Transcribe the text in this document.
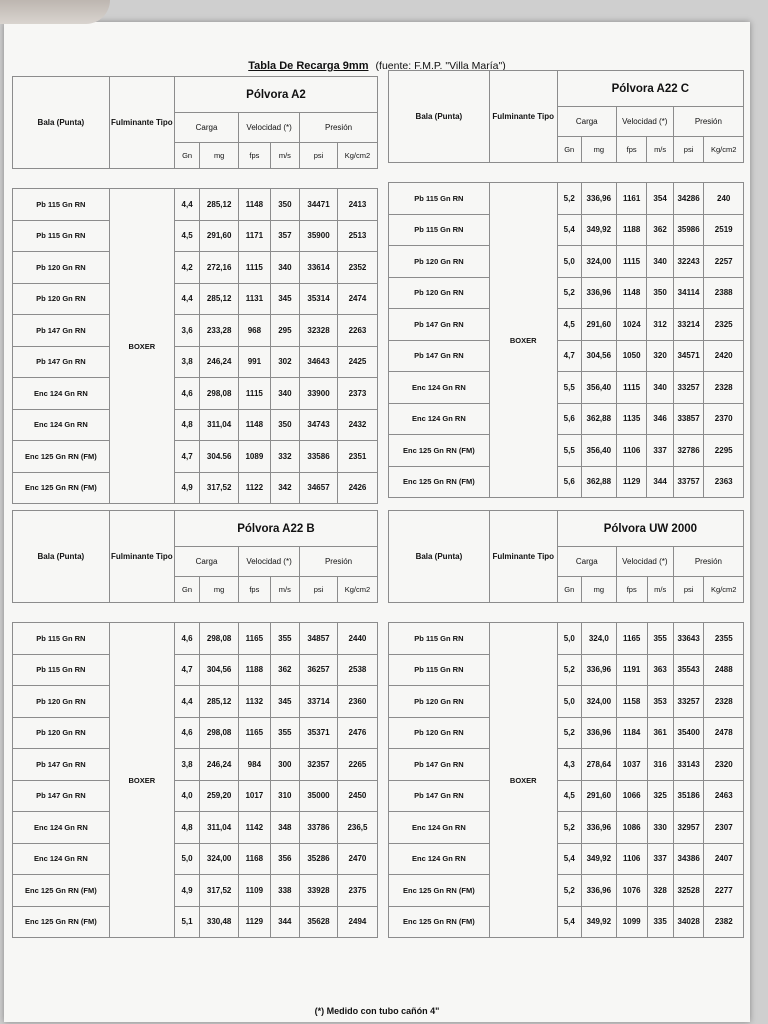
Tabla De Recarga 9mm (fuente: F.M.P. "Villa María")
Bala (Punta)	Fulminante Tipo	Pólvora A2					
		Carga		Velocidad (*)		Presión	
		Gn	mg	fps	m/s	psi	Kg/cm2

Pb 115 Gn RN	BOXER	4,4	285,12	1148	350	34471	2413
Pb 115 Gn RN		4,5	291,60	1171	357	35900	2513
Pb 120 Gn RN		4,2	272,16	1115	340	33614	2352
Pb 120 Gn RN		4,4	285,12	1131	345	35314	2474
Pb 147 Gn RN		3,6	233,28	968	295	32328	2263
Pb 147 Gn RN		3,8	246,24	991	302	34643	2425
Enc 124 Gn RN		4,6	298,08	1115	340	33900	2373
Enc 124 Gn RN		4,8	311,04	1148	350	34743	2432
Enc 125 Gn RN (FM)		4,7	304.56	1089	332	33586	2351
Enc 125 Gn RN (FM)		4,9	317,52	1122	342	34657	2426
Bala (Punta)	Fulminante Tipo	Pólvora A22 C					
		Carga		Velocidad (*)		Presión	
		Gn	mg	fps	m/s	psi	Kg/cm2

Pb 115 Gn RN	BOXER	5,2	336,96	1161	354	34286	240
Pb 115 Gn RN		5,4	349,92	1188	362	35986	2519
Pb 120 Gn RN		5,0	324,00	1115	340	32243	2257
Pb 120 Gn RN		5,2	336,96	1148	350	34114	2388
Pb 147 Gn RN		4,5	291,60	1024	312	33214	2325
Pb 147 Gn RN		4,7	304,56	1050	320	34571	2420
Enc 124 Gn RN		5,5	356,40	1115	340	33257	2328
Enc 124 Gn RN		5,6	362,88	1135	346	33857	2370
Enc 125 Gn RN (FM)		5,5	356,40	1106	337	32786	2295
Enc 125 Gn RN (FM)		5,6	362,88	1129	344	33757	2363
Bala (Punta)	Fulminante Tipo	Pólvora A22 B					
		Carga		Velocidad (*)		Presión	
		Gn	mg	fps	m/s	psi	Kg/cm2

Pb 115 Gn RN	BOXER	4,6	298,08	1165	355	34857	2440
Pb 115 Gn RN		4,7	304,56	1188	362	36257	2538
Pb 120 Gn RN		4,4	285,12	1132	345	33714	2360
Pb 120 Gn RN		4,6	298,08	1165	355	35371	2476
Pb 147 Gn RN		3,8	246,24	984	300	32357	2265
Pb 147 Gn RN		4,0	259,20	1017	310	35000	2450
Enc 124 Gn RN		4,8	311,04	1142	348	33786	236,5
Enc 124 Gn RN		5,0	324,00	1168	356	35286	2470
Enc 125 Gn RN (FM)		4,9	317,52	1109	338	33928	2375
Enc 125 Gn RN (FM)		5,1	330,48	1129	344	35628	2494
Bala (Punta)	Fulminante Tipo	Pólvora UW 2000					
		Carga		Velocidad (*)		Presión	
		Gn	mg	fps	m/s	psi	Kg/cm2

Pb 115 Gn RN	BOXER	5,0	324,0	1165	355	33643	2355
Pb 115 Gn RN		5,2	336,96	1191	363	35543	2488
Pb 120 Gn RN		5,0	324,00	1158	353	33257	2328
Pb 120 Gn RN		5,2	336,96	1184	361	35400	2478
Pb 147 Gn RN		4,3	278,64	1037	316	33143	2320
Pb 147 Gn RN		4,5	291,60	1066	325	35186	2463
Enc 124 Gn RN		5,2	336,96	1086	330	32957	2307
Enc 124 Gn RN		5,4	349,92	1106	337	34386	2407
Enc 125 Gn RN (FM)		5,2	336,96	1076	328	32528	2277
Enc 125 Gn RN (FM)		5,4	349,92	1099	335	34028	2382
(*) Medido con tubo cañón 4"
